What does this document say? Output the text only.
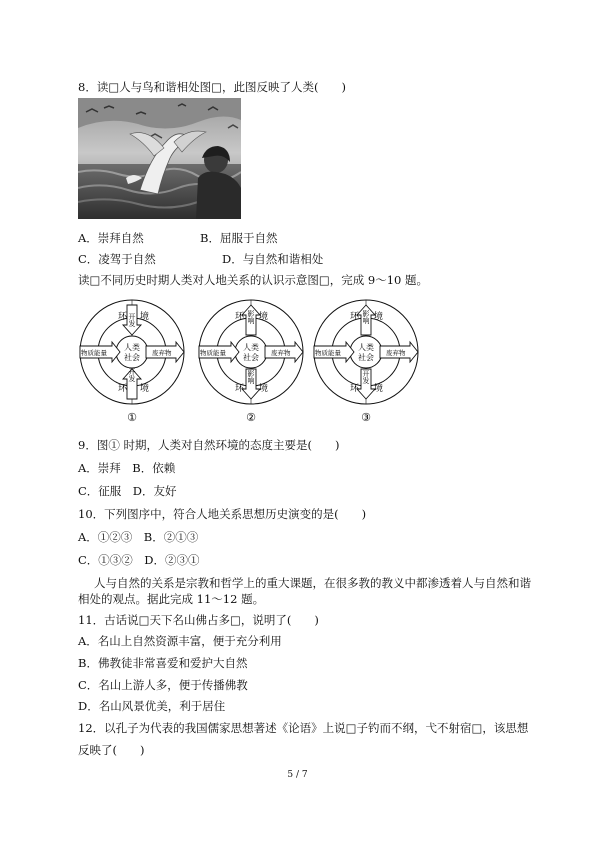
8．读□人与鸟和谐相处图□，此图反映了人类(　　)
A．崇拜自然	B．屈服于自然
C．凌驾于自然	D．与自然和谐相处
读□不同历史时期人类对人地关系的认识示意图□，完成 9～10 题。
环 境
开发
物质能量
人类
社会 废弃物
开发
环 境
①
环 境
影响
物质能量
人类
社会 废弃物
影响
环 境
②
环 境
影响
物质能量
人类
社会 废弃物
开发
环 境
③
9．图① 时期，人类对自然环境的态度主要是(　　)
A．崇拜　B．依赖
C．征服　D．友好
10．下列图序中，符合人地关系思想历史演变的是(　　)
A．①②③　B．②①③
C．①③②　D．②③①
人与自然的关系是宗教和哲学上的重大课题，在很多教的教义中都渗透着人与自然和谐
相处的观点。据此完成 11～12 题。
11．古话说□天下名山佛占多□，说明了(　　)
A．名山上自然资源丰富，便于充分利用
B．佛教徒非常喜爱和爱护大自然
C．名山上游人多，便于传播佛教
D．名山风景优美，利于居住
12．以孔子为代表的我国儒家思想著述《论语》上说□子钓而不纲，弋不射宿□，该思想
反映了(　　)
5 / 7
